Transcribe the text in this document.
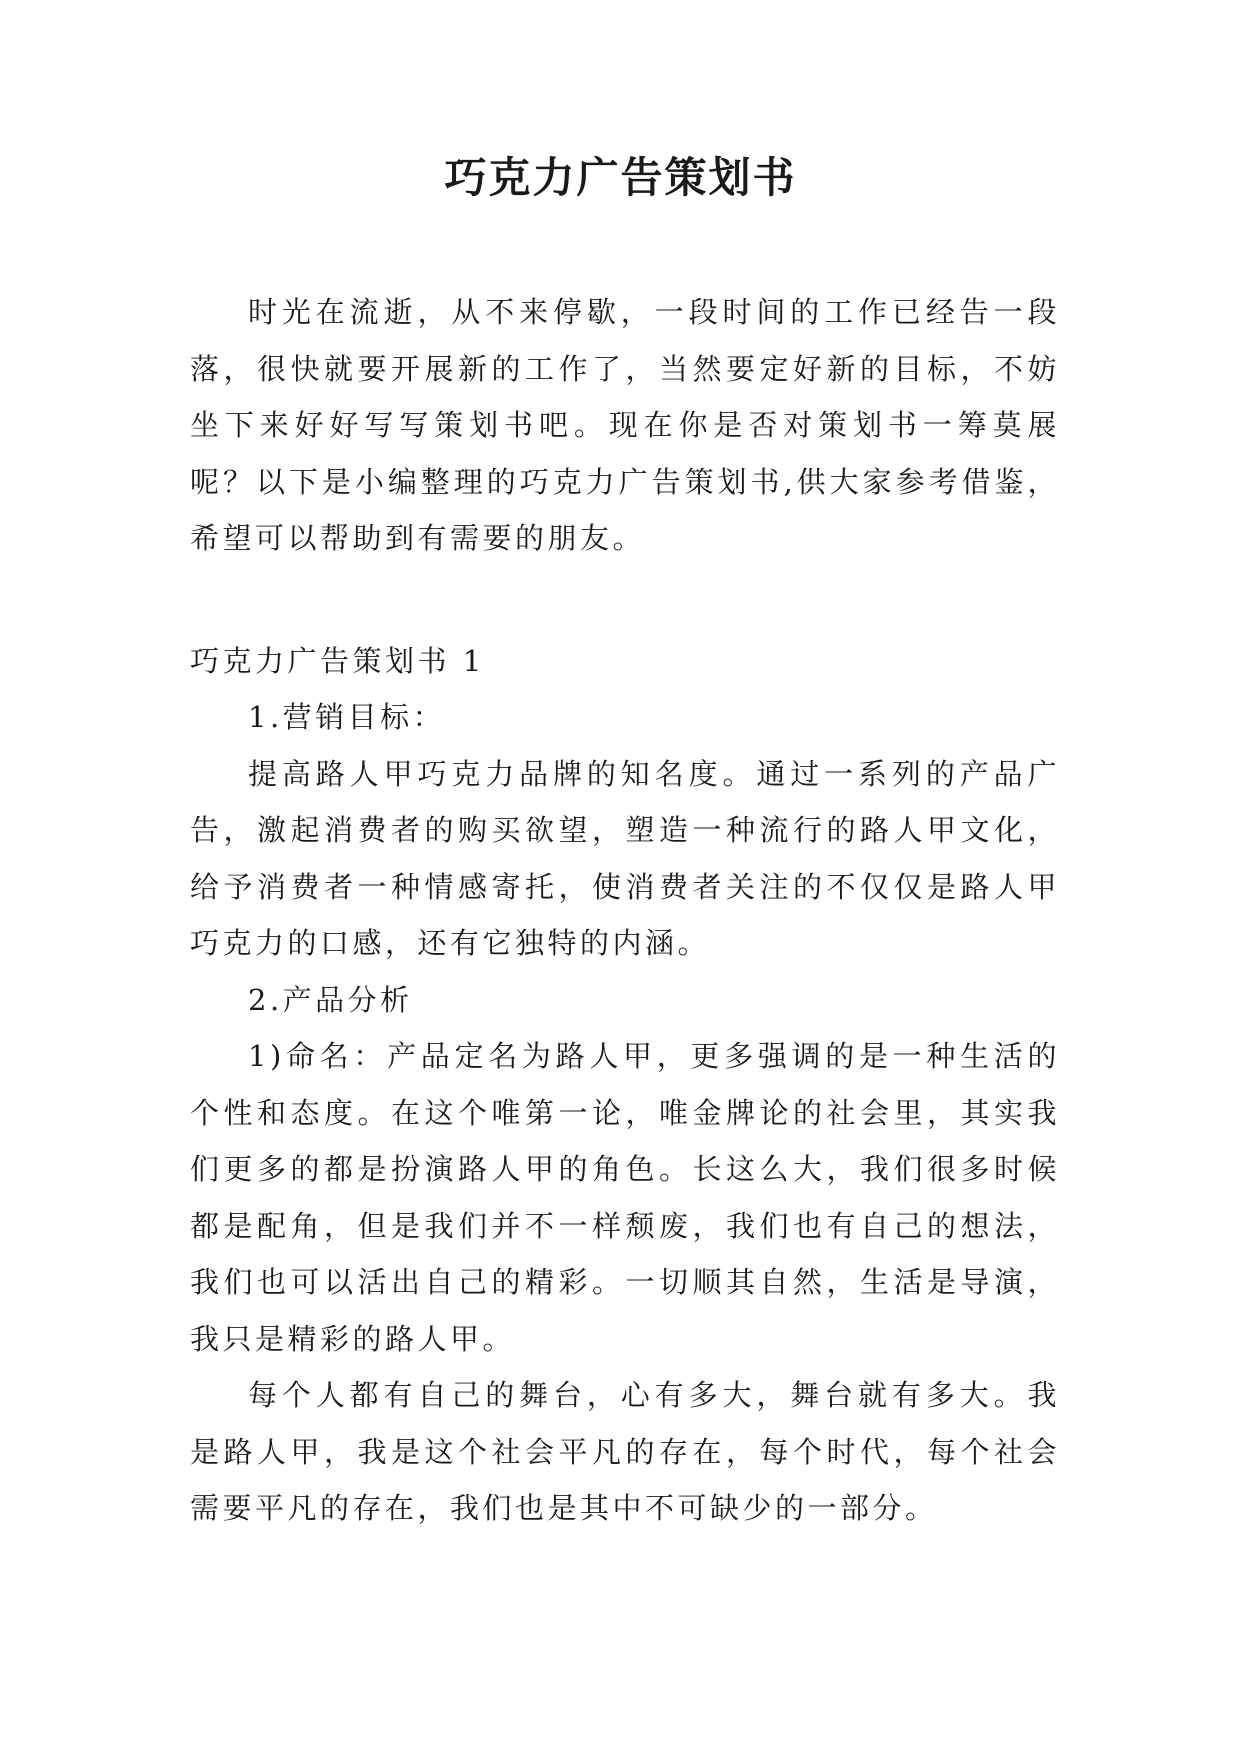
巧克力广告策划书

时光在流逝，从不来停歇，一段时间的工作已经告一段落，很快就要开展新的工作了，当然要定好新的目标，不妨坐下来好好写写策划书吧。现在你是否对策划书一筹莫展呢？以下是小编整理的巧克力广告策划书,供大家参考借鉴，希望可以帮助到有需要的朋友。

巧克力广告策划书 1

1.营销目标：

提高路人甲巧克力品牌的知名度。通过一系列的产品广告，激起消费者的购买欲望，塑造一种流行的路人甲文化，给予消费者一种情感寄托，使消费者关注的不仅仅是路人甲巧克力的口感，还有它独特的内涵。

2.产品分析

1)命名：产品定名为路人甲，更多强调的是一种生活的个性和态度。在这个唯第一论，唯金牌论的社会里，其实我们更多的都是扮演路人甲的角色。长这么大，我们很多时候都是配角，但是我们并不一样颓废，我们也有自己的想法，我们也可以活出自己的精彩。一切顺其自然，生活是导演，我只是精彩的路人甲。

每个人都有自己的舞台，心有多大，舞台就有多大。我是路人甲，我是这个社会平凡的存在，每个时代，每个社会需要平凡的存在，我们也是其中不可缺少的一部分。
